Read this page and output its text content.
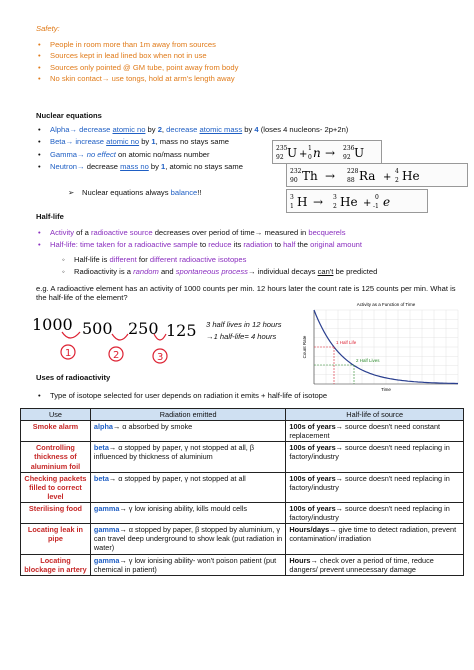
Safety:
• People in room more than 1m away from sources
• Sources kept in lead lined box when not in use
• Sources only pointed @ GM tube, point away from body
• No skin contact→ use tongs, hold at arm's length away
Nuclear equations
• Alpha→ decrease atomic no by 2, decrease atomic mass by 4 (loses 4 nucleons- 2p+2n)
• Beta→ increase atomic no by 1, mass no stays same
• Gamma→ no effect on atomic no/mass number
• Neutron→ decrease mass no by 1, atomic no stays same
➢ Nuclear equations always balance!!
235
92 U +
1
0 n → 236
92 U
232
90 Th → 228
88 Ra +
4
2 He
3
1 H → 3
2 He +
0
-1 e
Half-life
• Activity of a radioactive source decreases over period of time→ measured in becquerels
• Half-life: time taken for a radioactive sample to reduce its radiation to half the original amount
◦ Half-life is different for different radioactive isotopes
◦ Radioactivity is a random and spontaneous process→ individual decays can't be predicted
e.g. A radioactive element has an activity of 1000 counts per min. 12 hours later the count rate is 125 counts per min. What is the half-life of the element?
1000 500 250 125
1	2	3
3 half lives in 12 hours
→1 half-life= 4 hours
Activity as a Function of Time
1 Half Life
2 Half Lives
Time
Count Rate
Uses of radioactivity
• Type of isotope selected for user depends on radiation it emits + half-life of isotope
Use	Radiation emitted	Half-life of source
Smoke alarm	alpha→ α absorbed by smoke	100s of years→ source doesn't need constant replacement
Controlling thickness of aluminium foil	beta→ α stopped by paper, γ not stopped at all, β influenced by thickness of aluminium	100s of years→ source doesn't need replacing in factory/industry
Checking packets filled to correct level	beta→ α stopped by paper, γ not stopped at all	100s of years→ source doesn't need replacing in factory/industry
Sterilising food	gamma→ γ low ionising ability, kills mould cells	100s of years→ source doesn't need replacing in factory/industry
Locating leak in pipe	gamma→ α stopped by paper, β stopped by aluminium, γ can travel deep underground to show leak (put radiation in water)	Hours/days→ give time to detect radiation, prevent contamination/ irradiation
Locating blockage in artery	gamma→ γ low ionising ability- won't poison patient (put chemical in patient)	Hours→ check over a period of time, reduce dangers/ prevent unnecessary damage
